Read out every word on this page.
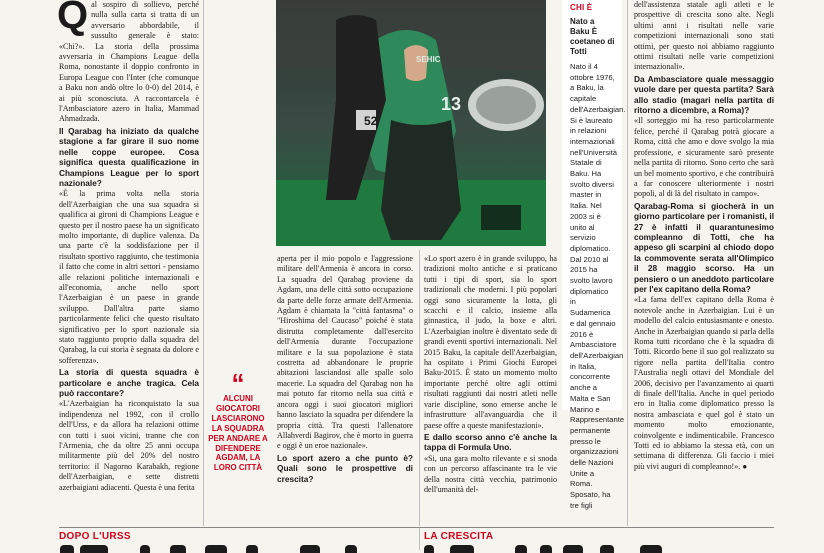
Q al sospiro di sollievo, perché nulla sulla carta si tratta di un avversario abbordabile, il sussulto generale è stato: «Chi?». La storia della prossima avversaria in Champions League della Roma, nonostante il doppio confronto in Europa League con l'Inter (che comunque a Baku non andò oltre lo 0-0) del 2014, è ai più sconosciuta. A raccontarcela è l'Ambasciatore azero in Italia, Mammad Ahmadzada.

Il Qarabag ha iniziato da qualche stagione a far girare il suo nome nelle coppe europee. Cosa significa questa qualificazione in Champions League per lo sport nazionale?

«È la prima volta nella storia dell'Azerbaigian che una sua squadra si qualifica ai gironi di Champions League e questo per il nostro paese ha un significato molto importante, di duplice valenza. Da una parte c'è la soddisfazione per il risultato sportivo raggiunto, che testimonia il fatto che come in altri settori - pensiamo alle relazioni politiche internazionali e all'economia, anche nello sport l'Azerbaigian è un paese in grande sviluppo. Dall'altra parte siamo particolarmente felici che questo risultato significativo per lo sport nazionale sia stato raggiunto proprio dalla squadra del Qarabag, la cui storia è segnata da dolore e sofferenza».

La storia di questa squadra è particolare e anche tragica. Cela può raccontare?

«L'Azerbaigian ha riconquistato la sua indipendenza nel 1992, con il crollo dell'Urss, e da allora ha relazioni ottime con tutti i suoi vicini, tranne che con l'Armenia, che da oltre 25 anni occupa militarmente più del 20% del nostro territorio: il Nagorno Karabakh, regione dell'Azerbaigian, e sette distretti azerbaigiani adiacenti. Questa è una ferita

13
52
SEHIC
“
ALCUNI GIOCATORI LASCIARONO LA SQUADRA PER ANDARE A DIFENDERE AGDAM, LA LORO CITTÀ

aperta per il mio popolo e l'aggressione militare dell'Armenia è ancora in corso. La squadra del Qarabag proviene da Agdam, una delle città sotto occupazione da parte delle forze armate dell'Armenia. Agdam è chiamata la "città fantasma" o "Hiroshima del Caucaso" poiché è stata distrutta completamente dall'esercito dell'Armenia durante l'occupazione militare e la sua popolazione è stata costretta ad abbandonare le proprie abitazioni lasciandosi alle spalle solo macerie. La squadra del Qarabag non ha mai potuto far ritorno nella sua città e ancora oggi i suoi giocatori migliori hanno lasciato la squadra per difendere la propria città. Tra questi l'allenatore Allahverdi Bagirov, che è morto in guerra e oggi è un eroe nazionale».

Lo sport azero a che punto è? Quali sono le prospettive di crescita?

«Lo sport azero è in grande sviluppo, ha tradizioni molto antiche e si praticano tutti i tipi di sport, sia lo sport tradizionali che moderni. I più popolari oggi sono sicuramente la lotta, gli scacchi e il calcio, insieme alla ginnastica, il judo, la boxe e altri. L'Azerbaigian inoltre è diventato sede di grandi eventi sportivi internazionali. Nel 2015 Baku, la capitale dell'Azerbaigian, ha ospitato i Primi Giochi Europei Baku-2015. È stato un momento molto importante perché oltre agli ottimi risultati raggiunti dai nostri atleti nelle varie discipline, sono emerse anche le infrastrutture all'avanguardia che il paese offre a queste manifestazioni».

E dallo scorso anno c'è anche la tappa di Formula Uno.

«Si, una gara molto rilevante e si snoda con un percorso affascinante tra le vie della nostra città vecchia, patrimonio dell'umanità del-

CHI È
Nato a Baku È coetaneo di Totti
Nato il 4 ottobre 1976, a Baku, la capitale dell'Azerbaigian. Si è laureato in relazioni internazionali nell'Università Statale di Baku. Ha svolto diversi master in Italia. Nel 2003 si è unito al servizio diplomatico. Dal 2010 al 2015 ha svolto lavoro diplomatico in Sudamerica e dal gennaio 2016 è Ambasciatore dell'Azerbaigian in Italia, concorrente anche a Malta e San Marino e Rappresentante permanente presso le organizzazioni delle Nazioni Unite a Roma. Sposato, ha tre figli

dell'assistenza statale agli atleti e le prospettive di crescita sono alte. Negli ultimi anni i risultati nelle varie competizioni internazionali sono stati ottimi, per questo noi abbiamo raggiunto ottimi risultati nelle varie competizioni internazionali».

Da Ambasciatore quale messaggio vuole dare per questa partita? Sarà allo stadio (magari nella partita di ritorno a dicembre, a Roma)?

«Il sorteggio mi ha reso particolarmente felice, perché il Qarabag potrà giocare a Roma, città che amo e dove svolgo la mia professione, e sicuramente sarò presente nella partita di ritorno. Sono certo che sarà un bel momento sportivo, e che contribuirà a far conoscere ulteriormente i nostri popoli, al di là del risultato in campo».

Qarabag-Roma si giocherà in un giorno particolare per i romanisti, il 27 è infatti il quarantunesimo compleanno di Totti, che ha appeso gli scarpini al chiodo dopo la commovente serata all'Olimpico il 28 maggio scorso. Ha un pensiero o un aneddoto particolare per l'ex capitano della Roma?

«La fama dell'ex capitano della Roma è notevole anche in Azerbaigian. Lui è un modello del calcio entusiasmante e onesto. Anche in Azerbaigian quando si parla della Roma tutti ricordano che è la squadra di Totti. Ricordo bene il suo gol realizzato su rigore nella partita dell'Italia contro l'Australia negli ottavi del Mondiale del 2006, decisivo per l'avanzamento ai quarti di finale dell'Italia. Anche in quel periodo ero in Italia come diplomatico presso la nostra ambasciata e quel gol è stato un momento molto emozionante, coinvolgente e indimenticabile. Francesco Totti ed io abbiamo la stessa età, con un settimana di differenza. Gli faccio i miei più vivi auguri di compleanno!». ●

DOPO L'URSS	LA CRESCITA
